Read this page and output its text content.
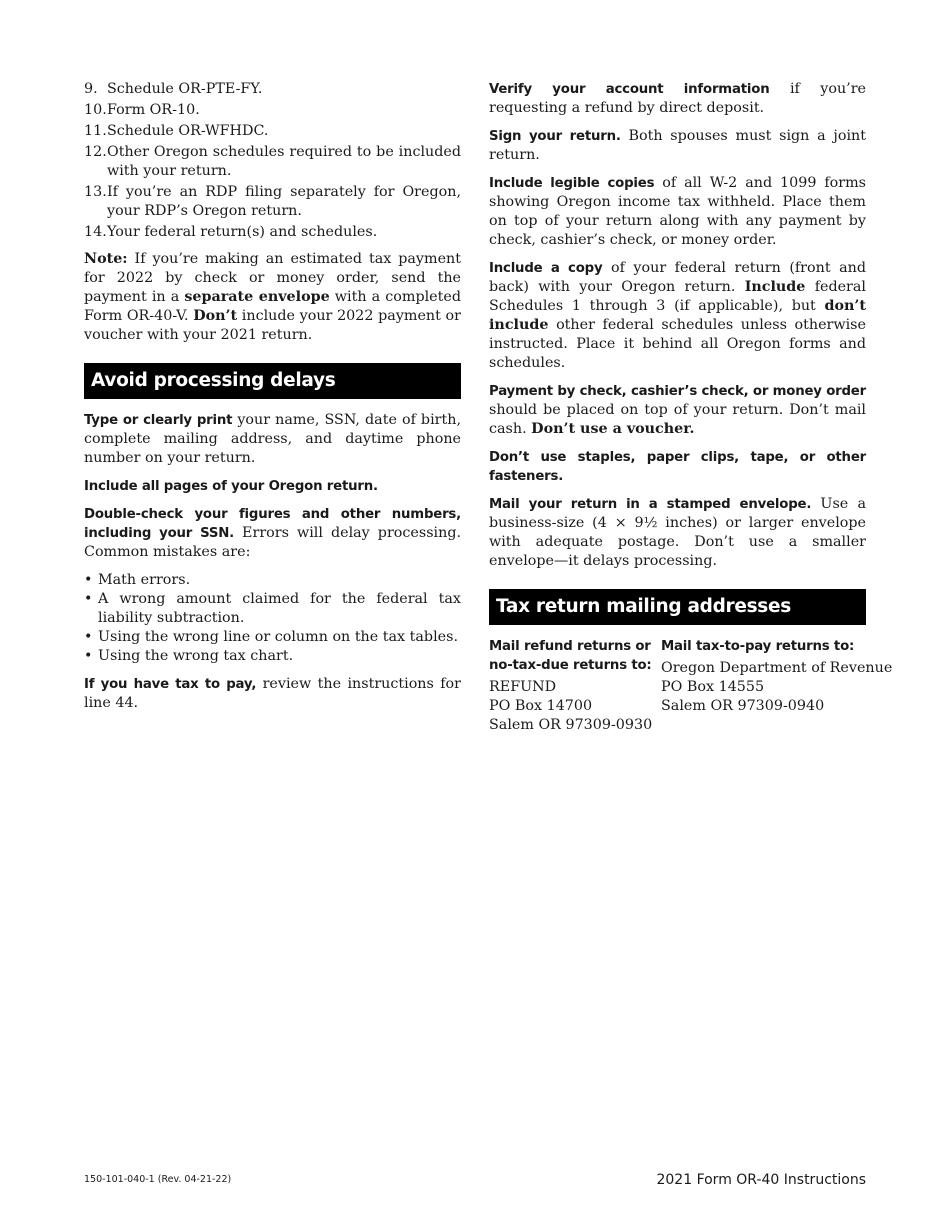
9. Schedule OR-PTE-FY.
10. Form OR-10.
11. Schedule OR-WFHDC.
12. Other Oregon schedules required to be included with your return.
13. If you’re an RDP filing separately for Oregon, your RDP’s Oregon return.
14. Your federal return(s) and schedules.

Note: If you’re making an estimated tax payment for 2022 by check or money order, send the payment in a separate envelope with a completed Form OR-40-V. Don’t include your 2022 payment or voucher with your 2021 return.

Avoid processing delays

Type or clearly print your name, SSN, date of birth, complete mailing address, and daytime phone number on your return.

Include all pages of your Oregon return.

Double-check your figures and other numbers, including your SSN. Errors will delay processing. Common mistakes are:

• Math errors.
• A wrong amount claimed for the federal tax liability subtraction.
• Using the wrong line or column on the tax tables.
• Using the wrong tax chart.

If you have tax to pay, review the instructions for line 44.

Verify your account information if you’re requesting a refund by direct deposit.

Sign your return. Both spouses must sign a joint return.

Include legible copies of all W-2 and 1099 forms showing Oregon income tax withheld. Place them on top of your return along with any payment by check, cashier’s check, or money order.

Include a copy of your federal return (front and back) with your Oregon return. Include federal Schedules 1 through 3 (if applicable), but don’t include other federal schedules unless otherwise instructed. Place it behind all Oregon forms and schedules.

Payment by check, cashier’s check, or money order should be placed on top of your return. Don’t mail cash. Don’t use a voucher.

Don’t use staples, paper clips, tape, or other fasteners.

Mail your return in a stamped envelope. Use a business-size (4 × 9½ inches) or larger envelope with adequate postage. Don’t use a smaller envelope—it delays processing.

Tax return mailing addresses
Mail refund returns or no-tax-due returns to:
REFUND
PO Box 14700
Salem OR 97309-0930
Mail tax-to-pay returns to:
Oregon Department of Revenue
PO Box 14555
Salem OR 97309-0940
150-101-040-1 (Rev. 04-21-22)	2021 Form OR-40 Instructions
